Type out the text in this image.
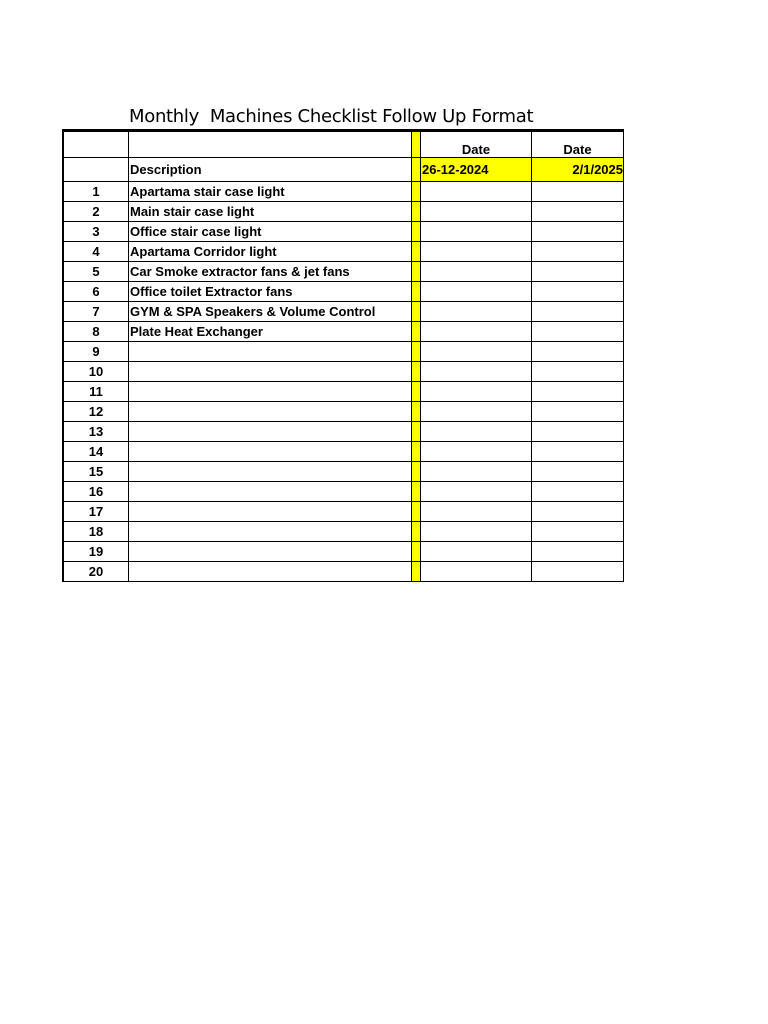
Monthly  Machines Checklist Follow Up Format
			Date	Date
	Description		26-12-2024	2/1/2025
1	Apartama stair case light			
2	Main stair case light			
3	Office stair case light			
4	Apartama Corridor light			
5	Car Smoke extractor fans & jet fans			
6	Office toilet Extractor fans			
7	GYM & SPA Speakers & Volume Control			
8	Plate Heat Exchanger			
9				
10				
11				
12				
13				
14				
15				
16				
17				
18				
19				
20				
